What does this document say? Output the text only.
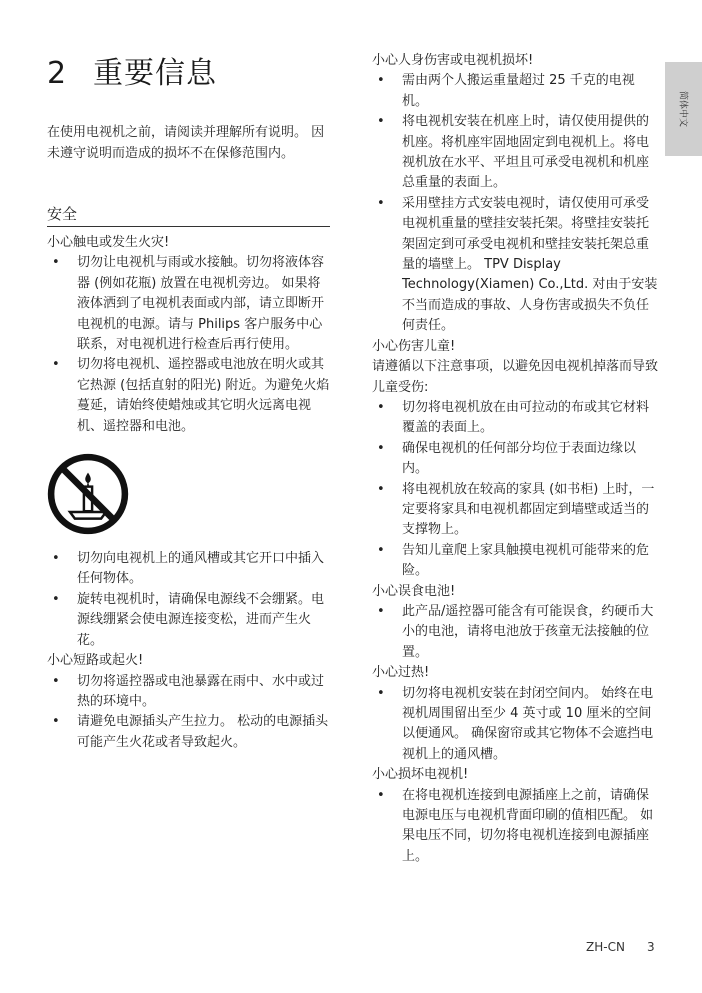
2 重要信息
在使用电视机之前，请阅读并理解所有说明。 因未遵守说明而造成的损坏不在保修范围内。
安全

小心触电或发生火灾!

• 切勿让电视机与雨或水接触。切勿将液体容器 (例如花瓶) 放置在电视机旁边。 如果将液体洒到了电视机表面或内部，请立即断开电视机的电源。请与 Philips 客户服务中心联系，对电视机进行检查后再行使用。
• 切勿将电视机、遥控器或电池放在明火或其它热源 (包括直射的阳光) 附近。为避免火焰蔓延，请始终使蜡烛或其它明火远离电视机、遥控器和电池。
• 切勿向电视机上的通风槽或其它开口中插入任何物体。
• 旋转电视机时，请确保电源线不会绷紧。电源线绷紧会使电源连接变松，进而产生火花。

小心短路或起火!

• 切勿将遥控器或电池暴露在雨中、水中或过热的环境中。
• 请避免电源插头产生拉力。 松动的电源插头可能产生火花或者导致起火。

小心人身伤害或电视机损坏!

• 需由两个人搬运重量超过 25 千克的电视机。
• 将电视机安装在机座上时，请仅使用提供的机座。将机座牢固地固定到电视机上。将电视机放在水平、平坦且可承受电视机和机座总重量的表面上。
• 采用壁挂方式安装电视时，请仅使用可承受电视机重量的壁挂安装托架。将壁挂安装托架固定到可承受电视机和壁挂安装托架总重量的墙壁上。 TPV Display Technology(Xiamen) Co.,Ltd. 对由于安装不当而造成的事故、人身伤害或损失不负任何责任。

小心伤害儿童!

请遵循以下注意事项，以避免因电视机掉落而导致儿童受伤:

• 切勿将电视机放在由可拉动的布或其它材料覆盖的表面上。
• 确保电视机的任何部分均位于表面边缘以内。
• 将电视机放在较高的家具 (如书柜) 上时，一定要将家具和电视机都固定到墙壁或适当的支撑物上。
• 告知儿童爬上家具触摸电视机可能带来的危险。

小心误食电池!

• 此产品/遥控器可能含有可能误食，约硬币大小的电池，请将电池放于孩童无法接触的位置。

小心过热!

• 切勿将电视机安装在封闭空间内。 始终在电视机周围留出至少 4 英寸或 10 厘米的空间以便通风。 确保窗帘或其它物体不会遮挡电视机上的通风槽。

小心损坏电视机!

• 在将电视机连接到电源插座上之前，请确保电源电压与电视机背面印刷的值相匹配。 如果电压不同，切勿将电视机连接到电源插座上。
简体中文
ZH-CN 3
